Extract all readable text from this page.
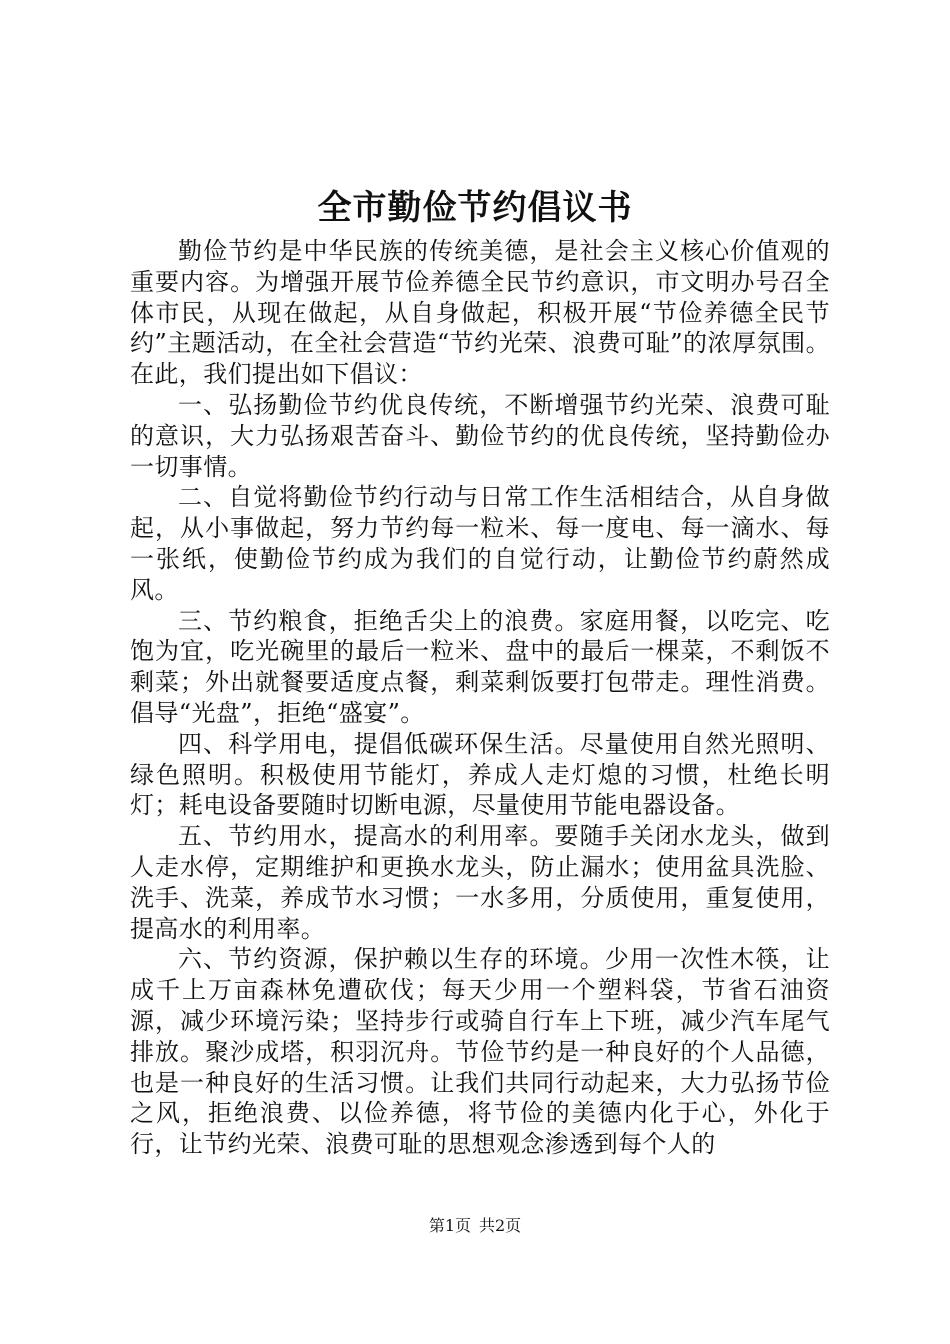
全市勤俭节约倡议书

勤俭节约是中华民族的传统美德，是社会主义核心价值观的重要内容。为增强开展节俭养德全民节约意识，市文明办号召全体市民，从现在做起，从自身做起，积极开展“节俭养德全民节约”主题活动，在全社会营造“节约光荣、浪费可耻”的浓厚氛围。在此，我们提出如下倡议：

一、弘扬勤俭节约优良传统，不断增强节约光荣、浪费可耻的意识，大力弘扬艰苦奋斗、勤俭节约的优良传统，坚持勤俭办一切事情。

二、自觉将勤俭节约行动与日常工作生活相结合，从自身做起，从小事做起，努力节约每一粒米、每一度电、每一滴水、每一张纸，使勤俭节约成为我们的自觉行动，让勤俭节约蔚然成风。

三、节约粮食，拒绝舌尖上的浪费。家庭用餐，以吃完、吃饱为宜，吃光碗里的最后一粒米、盘中的最后一棵菜，不剩饭不剩菜；外出就餐要适度点餐，剩菜剩饭要打包带走。理性消费。倡导“光盘”，拒绝“盛宴”。

四、科学用电，提倡低碳环保生活。尽量使用自然光照明、绿色照明。积极使用节能灯，养成人走灯熄的习惯，杜绝长明灯；耗电设备要随时切断电源，尽量使用节能电器设备。

五、节约用水，提高水的利用率。要随手关闭水龙头，做到人走水停，定期维护和更换水龙头，防止漏水；使用盆具洗脸、洗手、洗菜，养成节水习惯；一水多用，分质使用，重复使用，提高水的利用率。

六、节约资源，保护赖以生存的环境。少用一次性木筷，让成千上万亩森林免遭砍伐；每天少用一个塑料袋，节省石油资源，减少环境污染；坚持步行或骑自行车上下班，减少汽车尾气排放。聚沙成塔，积羽沉舟。节俭节约是一种良好的个人品德，也是一种良好的生活习惯。让我们共同行动起来，大力弘扬节俭之风，拒绝浪费、以俭养德，将节俭的美德内化于心，外化于行，让节约光荣、浪费可耻的思想观念渗透到每个人的

第1页 共2页
